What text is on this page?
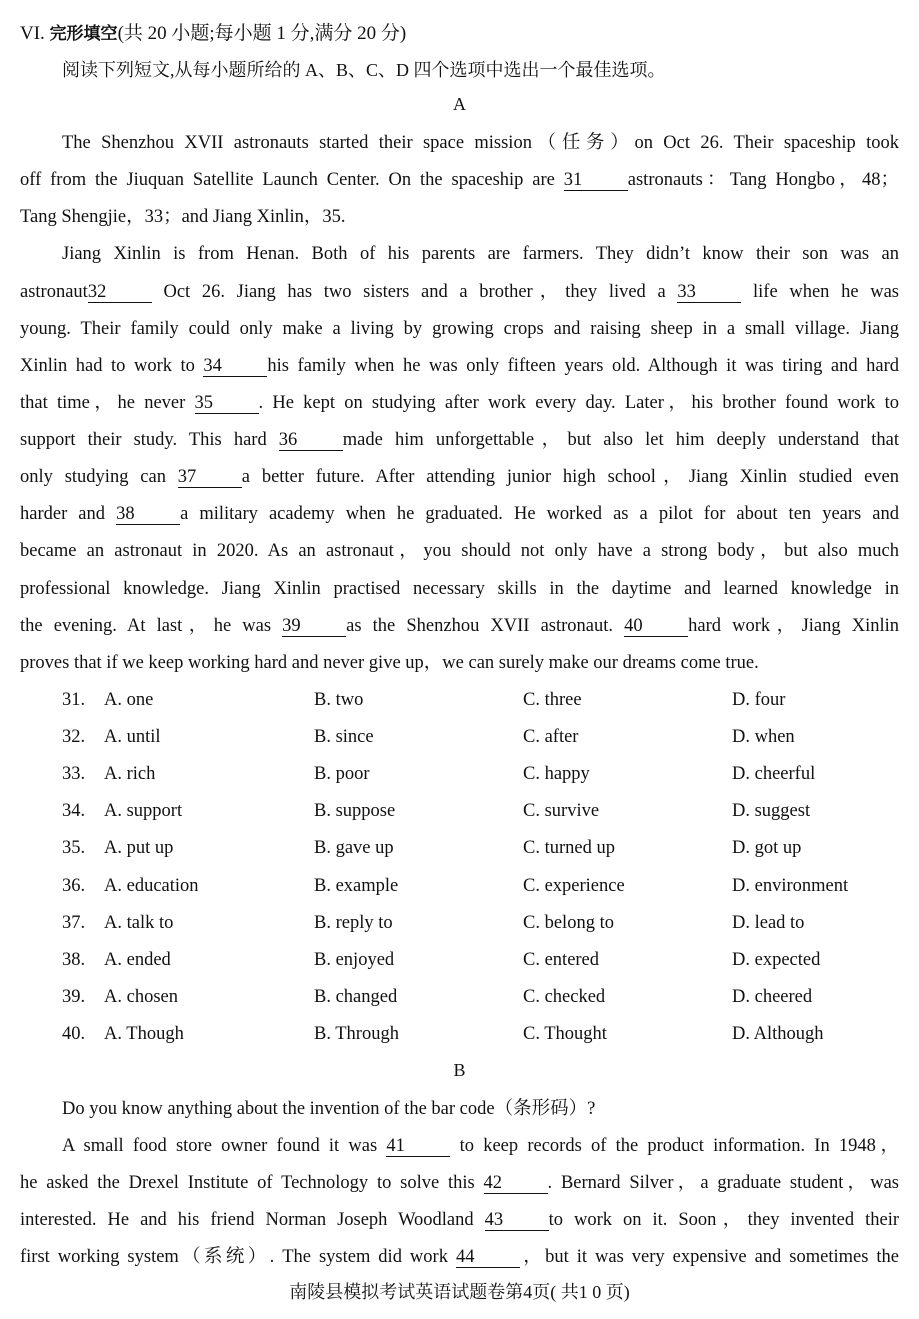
VI. 完形填空(共 20 小题;每小题 1 分,满分 20 分)
阅读下列短文,从每小题所给的 A、B、C、D 四个选项中选出一个最佳选项。
A
The Shenzhou XVII astronauts started their space mission（任务）on Oct 26. Their spaceship took
off from the Jiuquan Satellite Launch Center. On the spaceship are 31 astronauts：Tang Hongbo，48；
Tang Shengjie，33；and Jiang Xinlin，35.
Jiang Xinlin is from Henan. Both of his parents are farmers. They didn’t know their son was an
astronaut32 Oct 26. Jiang has two sisters and a brother，they lived a 33 life when he was
young. Their family could only make a living by growing crops and raising sheep in a small village. Jiang
Xinlin had to work to 34 his family when he was only fifteen years old. Although it was tiring and hard
that time，he never 35 . He kept on studying after work every day. Later，his brother found work to
support their study. This hard 36 made him unforgettable，but also let him deeply understand that
only studying can 37 a better future. After attending junior high school，Jiang Xinlin studied even
harder and 38 a military academy when he graduated. He worked as a pilot for about ten years and
became an astronaut in 2020. As an astronaut，you should not only have a strong body，but also much
professional knowledge. Jiang Xinlin practised necessary skills in the daytime and learned knowledge in
the evening. At last，he was 39 as the Shenzhou XVII astronaut. 40 hard work，Jiang Xinlin
proves that if we keep working hard and never give up，we can surely make our dreams come true.
31. A. one	B. two	C. three	D. four
32. A. until	B. since	C. after	D. when
33. A. rich	B. poor	C. happy	D. cheerful
34. A. support	B. suppose	C. survive	D. suggest
35. A. put up	B. gave up	C. turned up	D. got up
36. A. education	B. example	C. experience	D. environment
37. A. talk to	B. reply to	C. belong to	D. lead to
38. A. ended	B. enjoyed	C. entered	D. expected
39. A. chosen	B. changed	C. checked	D. cheered
40. A. Though	B. Through	C. Thought	D. Although
B
Do you know anything about the invention of the bar code（条形码）?
A small food store owner found it was 41 to keep records of the product information. In 1948，
he asked the Drexel Institute of Technology to solve this 42 . Bernard Silver，a graduate student，was
interested. He and his friend Norman Joseph Woodland 43 to work on it. Soon，they invented their
first working system（系统）. The system did work 44 ，but it was very expensive and sometimes the
南陵县模拟考试英语试题卷第4页( 共1 0 页)
